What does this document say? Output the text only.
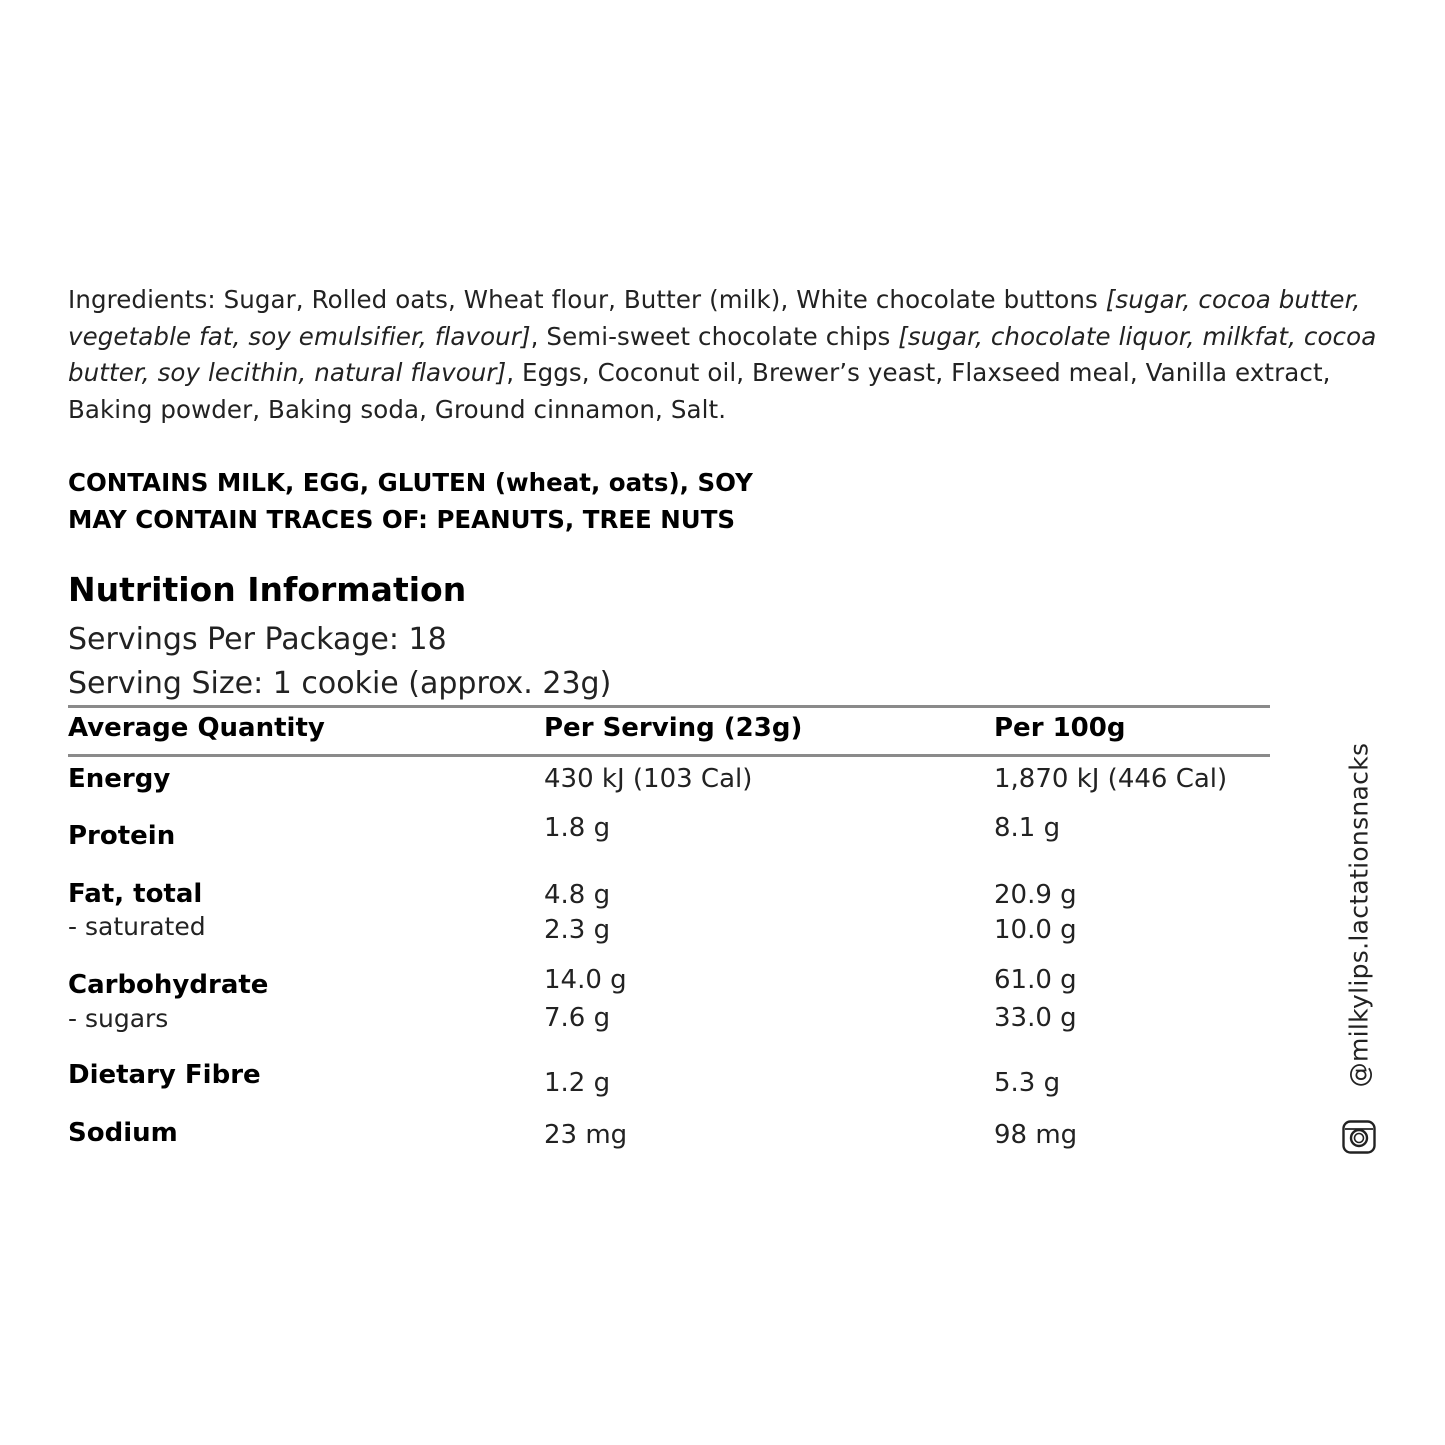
Ingredients: Sugar, Rolled oats, Wheat flour, Butter (milk), White chocolate buttons [sugar, cocoa butter, vegetable fat, soy emulsifier, flavour], Semi-sweet chocolate chips [sugar, chocolate liquor, milkfat, cocoa butter, soy lecithin, natural flavour], Eggs, Coconut oil, Brewer’s yeast, Flaxseed meal, Vanilla extract, Baking powder, Baking soda, Ground cinnamon, Salt.
CONTAINS MILK, EGG, GLUTEN (wheat, oats), SOY
MAY CONTAIN TRACES OF: PEANUTS, TREE NUTS
Nutrition Information
Servings Per Package: 18
Serving Size: 1 cookie (approx. 23g)
Average Quantity	Per Serving (23g)	Per 100g
Energy	430 kJ (103 Cal)	1,870 kJ (446 Cal)
Protein	1.8 g	8.1 g
Fat, total	4.8 g	20.9 g
- saturated	2.3 g	10.0 g
Carbohydrate	14.0 g	61.0 g
- sugars	7.6 g	33.0 g
Dietary Fibre	1.2 g	5.3 g
Sodium	23 mg	98 mg
@milkylips.lactationsnacks
